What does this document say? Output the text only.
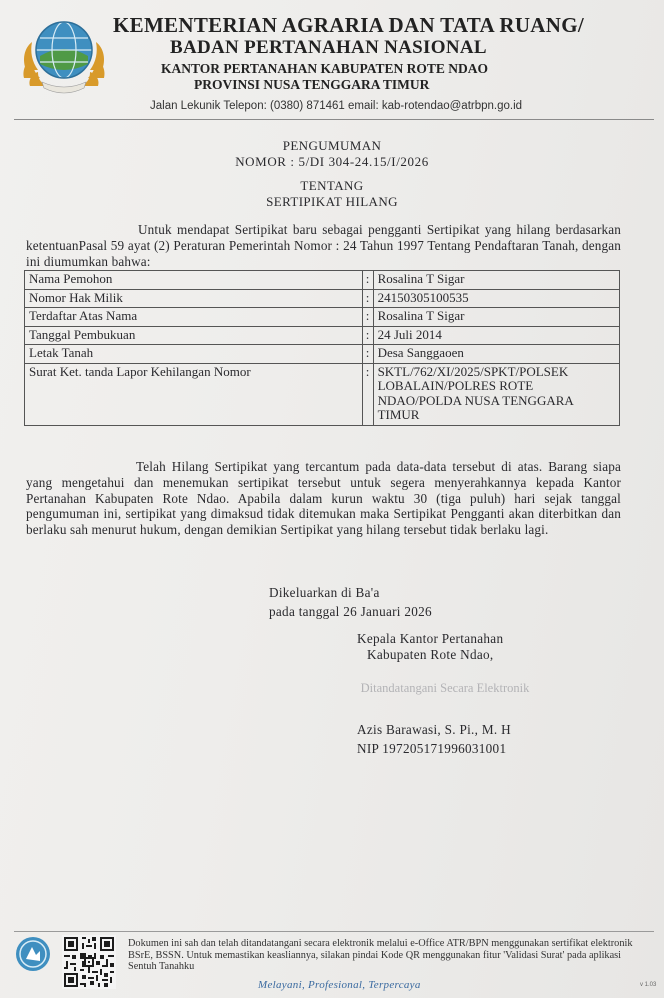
KEMENTERIAN AGRARIA DAN TATA RUANG/
BADAN PERTANAHAN NASIONAL
KANTOR PERTANAHAN KABUPATEN ROTE NDAO
PROVINSI NUSA TENGGARA TIMUR
Jalan Lekunik Telepon: (0380) 871461 email: kab-rotendao@atrbpn.go.id
PENGUMUMAN
NOMOR : 5/DI 304-24.15/I/2026
TENTANG
SERTIPIKAT HILANG
Untuk mendapat Sertipikat baru sebagai pengganti Sertipikat yang hilang berdasarkan ketentuanPasal 59 ayat (2) Peraturan Pemerintah Nomor : 24 Tahun 1997 Tentang Pendaftaran Tanah, dengan ini diumumkan bahwa:
Nama Pemohon	:	Rosalina T Sigar
Nomor Hak Milik	:	24150305100535
Terdaftar Atas Nama	:	Rosalina T Sigar
Tanggal Pembukuan	:	24 Juli 2014
Letak Tanah	:	Desa Sanggaoen
Surat Ket. tanda Lapor Kehilangan Nomor	:	SKTL/762/XI/2025/SPKT/POLSEK LOBALAIN/POLRES ROTE NDAO/POLDA NUSA TENGGARA TIMUR
Telah Hilang Sertipikat yang tercantum pada data-data tersebut di atas. Barang siapa yang mengetahui dan menemukan sertipikat tersebut untuk segera menyerahkannya kepada Kantor Pertanahan Kabupaten Rote Ndao. Apabila dalam kurun waktu 30 (tiga puluh) hari sejak tanggal pengumuman ini, sertipikat yang dimaksud tidak ditemukan maka Sertipikat Pengganti akan diterbitkan dan berlaku sah menurut hukum, dengan demikian Sertipikat yang hilang tersebut tidak berlaku lagi.
Dikeluarkan di Ba'a
pada tanggal 26 Januari 2026
Kepala Kantor Pertanahan
Kabupaten Rote Ndao,
Ditandatangani Secara Elektronik
Azis Barawasi, S. Pi., M. H
NIP 197205171996031001
Dokumen ini sah dan telah ditandatangani secara elektronik melalui e-Office ATR/BPN menggunakan sertifikat elektronik BSrE, BSSN. Untuk memastikan keasliannya, silakan pindai Kode QR menggunakan fitur 'Validasi Surat' pada aplikasi Sentuh Tanahku
Melayani, Profesional, Terpercaya	v 1.03
